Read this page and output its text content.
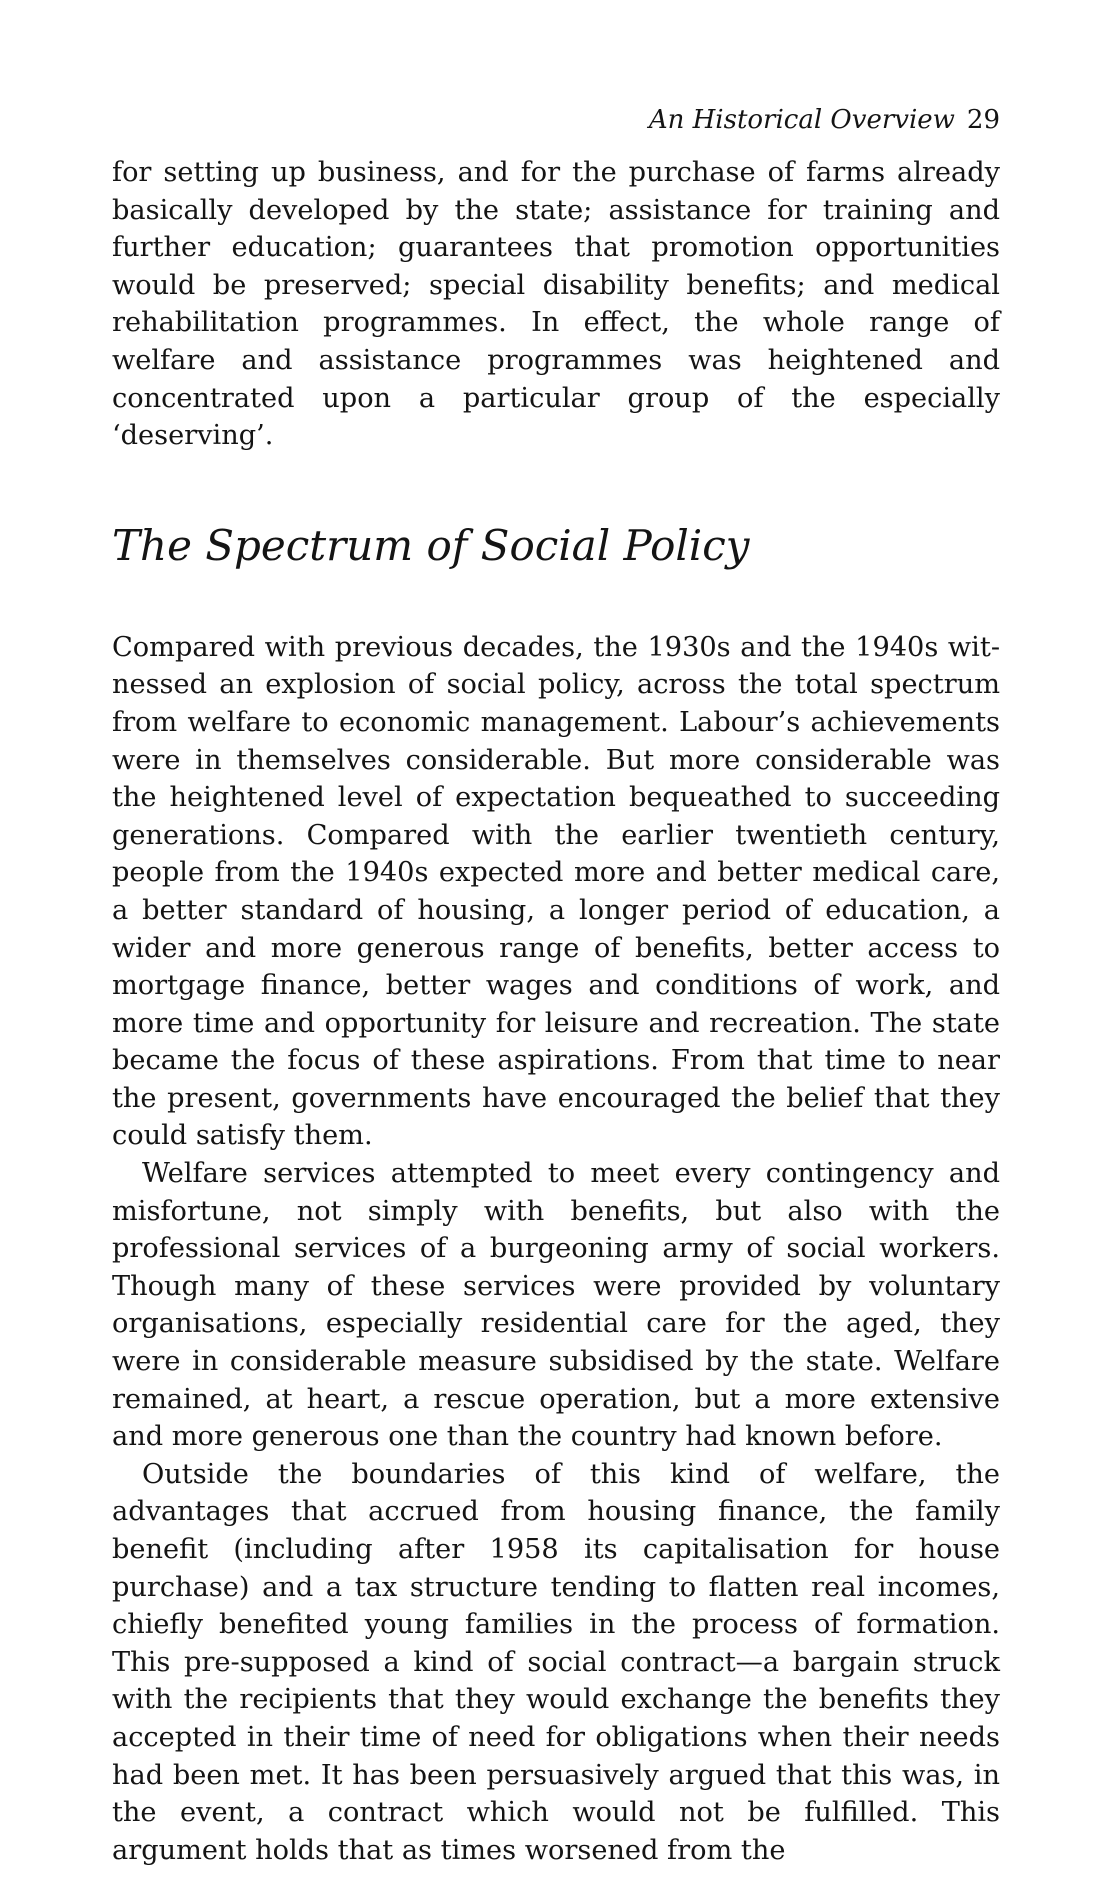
An Historical Overview 29

for setting up business, and for the purchase of farms already basically developed by the state; assistance for training and further education; guarantees that promotion opportunities would be preserved; special disability benefits; and medical rehabilitation programmes. In effect, the whole range of welfare and assistance programmes was heightened and concentrated upon a particular group of the especially ‘deserving’.

The Spectrum of Social Policy

Compared with previous decades, the 1930s and the 1940s witnessed an explosion of social policy, across the total spectrum from welfare to economic management. Labour’s achievements were in themselves considerable. But more considerable was the heightened level of expectation bequeathed to succeeding generations. Compared with the earlier twentieth century, people from the 1940s expected more and better medical care, a better standard of housing, a longer period of education, a wider and more generous range of benefits, better access to mortgage finance, better wages and conditions of work, and more time and opportunity for leisure and recreation. The state became the focus of these aspirations. From that time to near the present, governments have encouraged the belief that they could satisfy them.

Welfare services attempted to meet every contingency and misfortune, not simply with benefits, but also with the professional services of a burgeoning army of social workers. Though many of these services were provided by voluntary organisations, especially residential care for the aged, they were in considerable measure subsidised by the state. Welfare remained, at heart, a rescue operation, but a more extensive and more generous one than the country had known before.

Outside the boundaries of this kind of welfare, the advantages that accrued from housing finance, the family benefit (including after 1958 its capitalisation for house purchase) and a tax structure tending to flatten real incomes, chiefly benefited young families in the process of formation. This pre-supposed a kind of social contract—a bargain struck with the recipients that they would exchange the benefits they accepted in their time of need for obligations when their needs had been met. It has been persuasively argued that this was, in the event, a contract which would not be fulfilled. This argument holds that as times worsened from the
